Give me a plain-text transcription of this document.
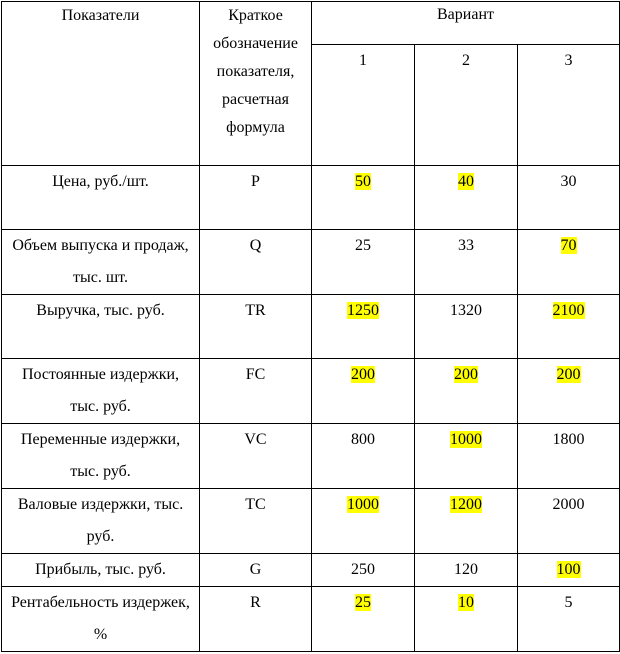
Показатели	Краткое обозначение показателя, расчетная формула	Вариант		
		1	2	3
Цена, руб./шт.	P	50	40	30
Объем выпуска и продаж, тыс. шт.	Q	25	33	70
Выручка, тыс. руб.	TR	1250	1320	2100
Постоянные издержки, тыс. руб.	FC	200	200	200
Переменные издержки, тыс. руб.	VC	800	1000	1800
Валовые издержки, тыс. руб.	TC	1000	1200	2000
Прибыль, тыс. руб.	G	250	120	100
Рентабельность издержек, %	R	25	10	5
